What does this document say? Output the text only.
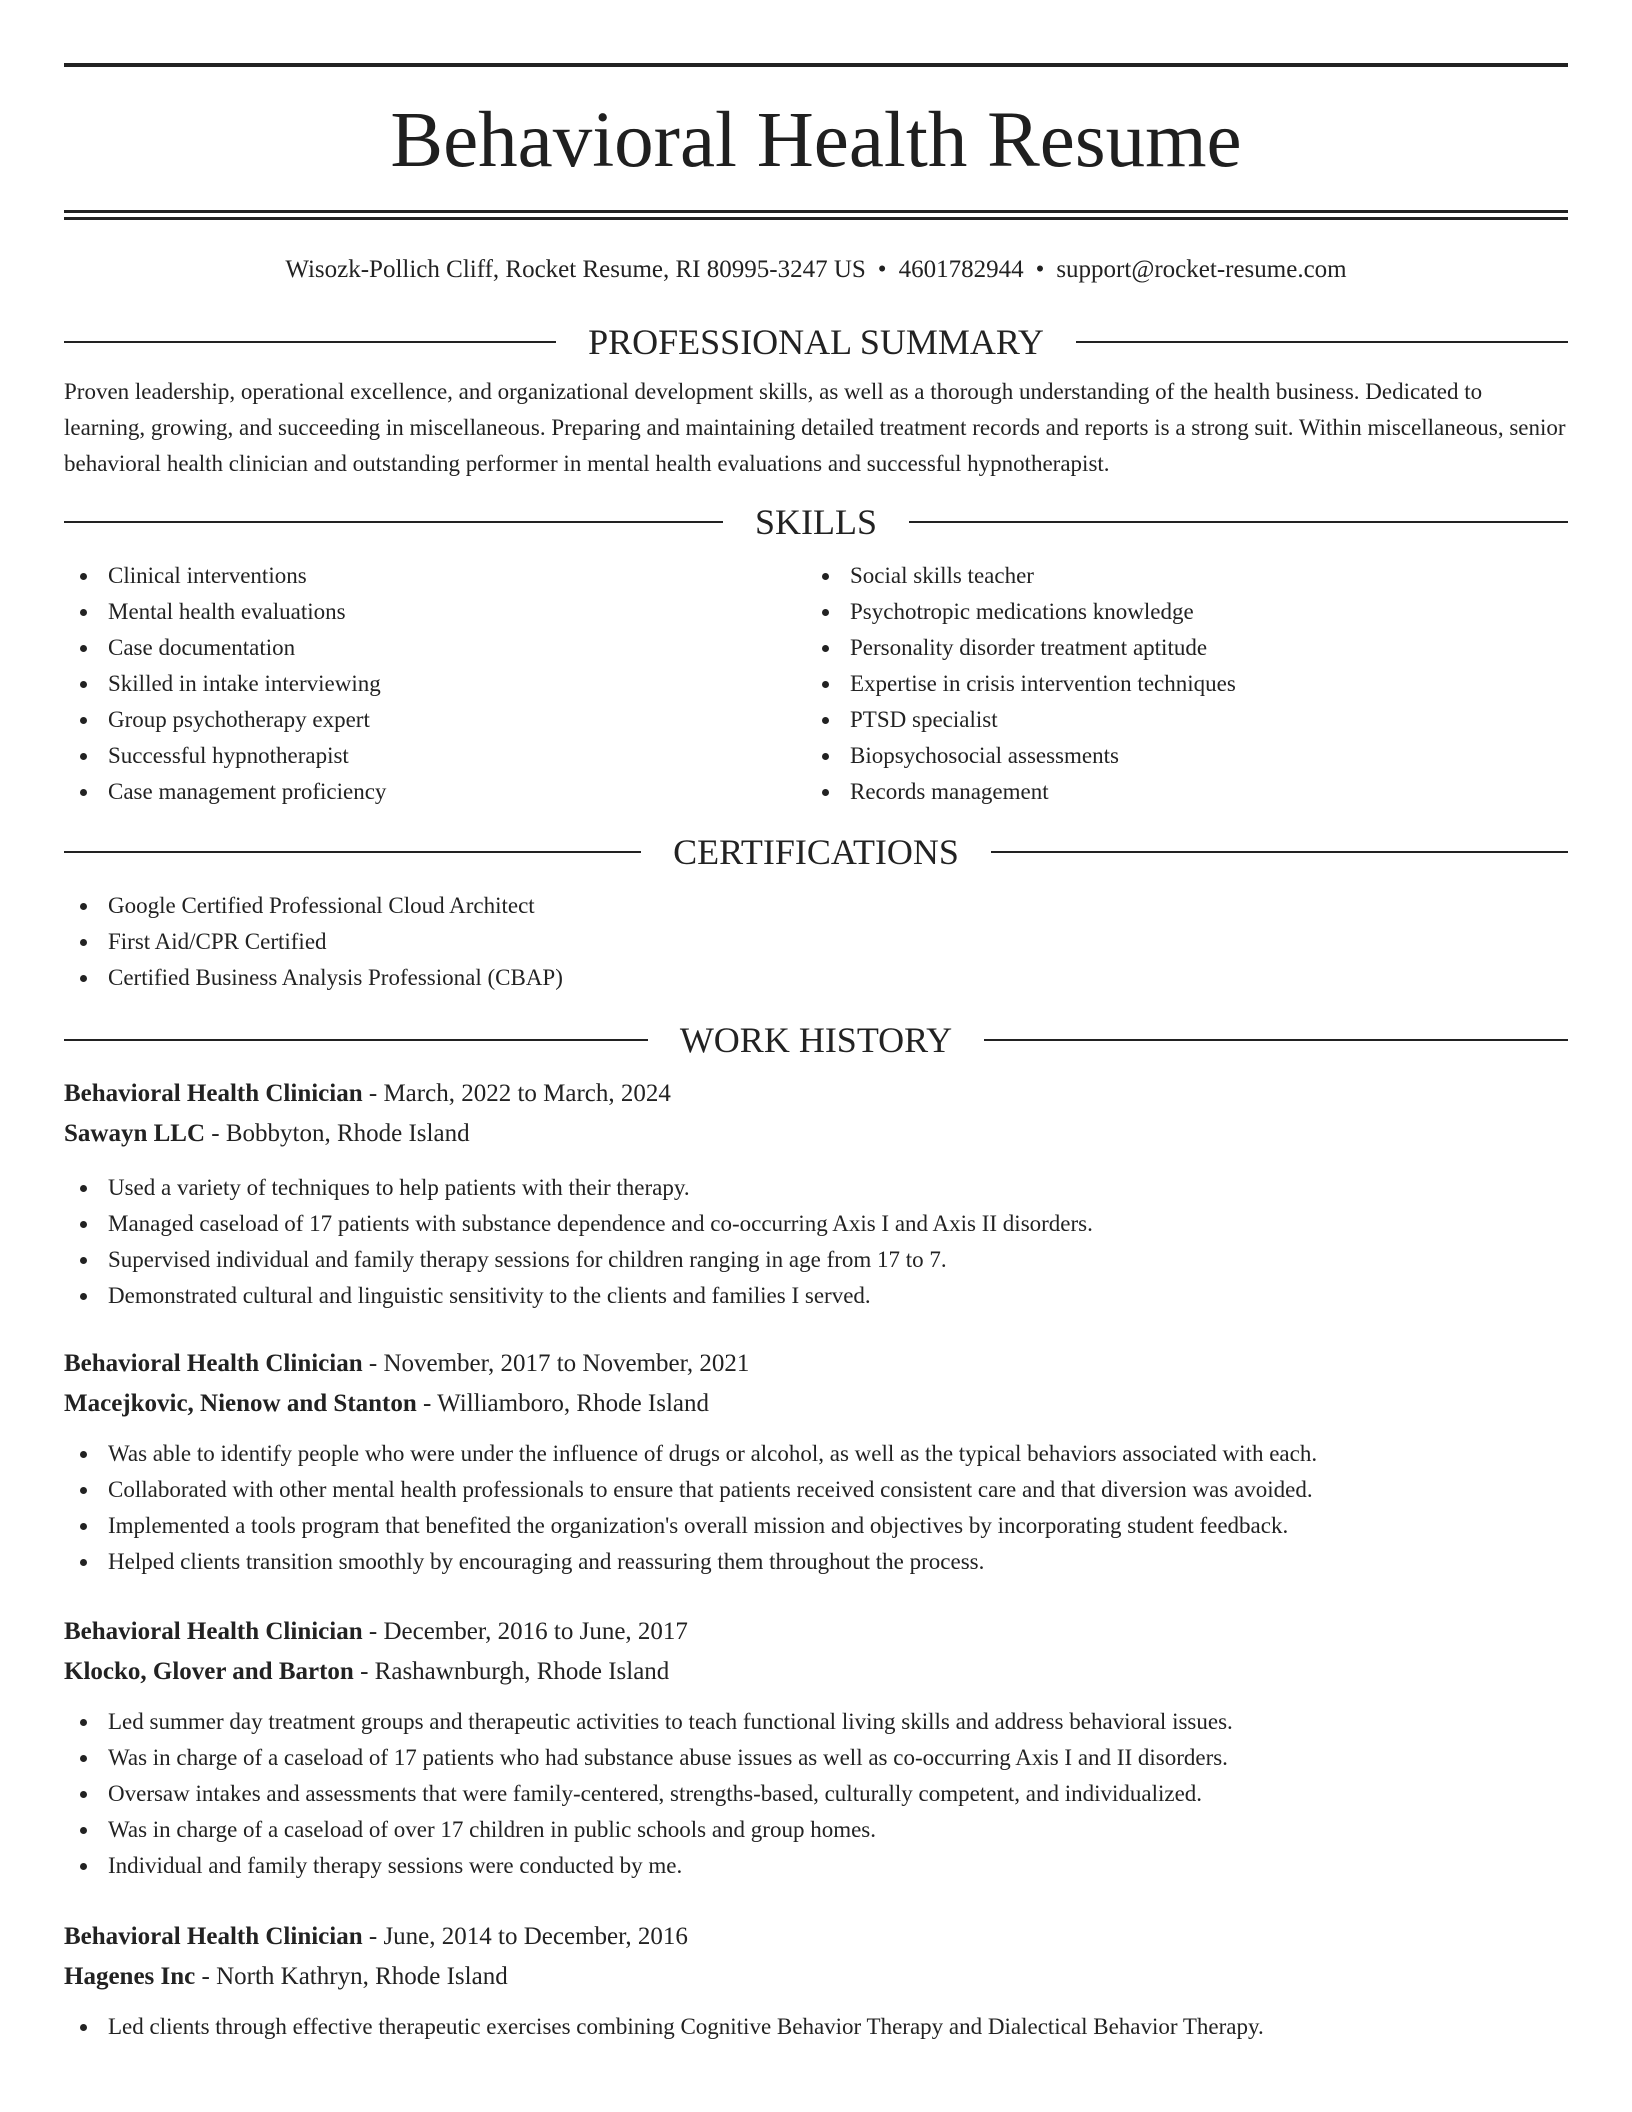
Behavioral Health Resume
Wisozk-Pollich Cliff, Rocket Resume, RI 80995-3247 US • 4601782944 • support@rocket-resume.com
PROFESSIONAL SUMMARY

Proven leadership, operational excellence, and organizational development skills, as well as a thorough understanding of the health business. Dedicated to learning, growing, and succeeding in miscellaneous. Preparing and maintaining detailed treatment records and reports is a strong suit. Within miscellaneous, senior behavioral health clinician and outstanding performer in mental health evaluations and successful hypnotherapist.

SKILLS
Clinical interventions
Mental health evaluations
Case documentation
Skilled in intake interviewing
Group psychotherapy expert
Successful hypnotherapist
Case management proficiency
Social skills teacher
Psychotropic medications knowledge
Personality disorder treatment aptitude
Expertise in crisis intervention techniques
PTSD specialist
Biopsychosocial assessments
Records management
CERTIFICATIONS
Google Certified Professional Cloud Architect
First Aid/CPR Certified
Certified Business Analysis Professional (CBAP)
WORK HISTORY
Behavioral Health Clinician - March, 2022 to March, 2024
Sawayn LLC - Bobbyton, Rhode Island
Used a variety of techniques to help patients with their therapy.
Managed caseload of 17 patients with substance dependence and co-occurring Axis I and Axis II disorders.
Supervised individual and family therapy sessions for children ranging in age from 17 to 7.
Demonstrated cultural and linguistic sensitivity to the clients and families I served.
Behavioral Health Clinician - November, 2017 to November, 2021
Macejkovic, Nienow and Stanton - Williamboro, Rhode Island
Was able to identify people who were under the influence of drugs or alcohol, as well as the typical behaviors associated with each.
Collaborated with other mental health professionals to ensure that patients received consistent care and that diversion was avoided.
Implemented a tools program that benefited the organization's overall mission and objectives by incorporating student feedback.
Helped clients transition smoothly by encouraging and reassuring them throughout the process.
Behavioral Health Clinician - December, 2016 to June, 2017
Klocko, Glover and Barton - Rashawnburgh, Rhode Island
Led summer day treatment groups and therapeutic activities to teach functional living skills and address behavioral issues.
Was in charge of a caseload of 17 patients who had substance abuse issues as well as co-occurring Axis I and II disorders.
Oversaw intakes and assessments that were family-centered, strengths-based, culturally competent, and individualized.
Was in charge of a caseload of over 17 children in public schools and group homes.
Individual and family therapy sessions were conducted by me.
Behavioral Health Clinician - June, 2014 to December, 2016
Hagenes Inc - North Kathryn, Rhode Island
Led clients through effective therapeutic exercises combining Cognitive Behavior Therapy and Dialectical Behavior Therapy.
